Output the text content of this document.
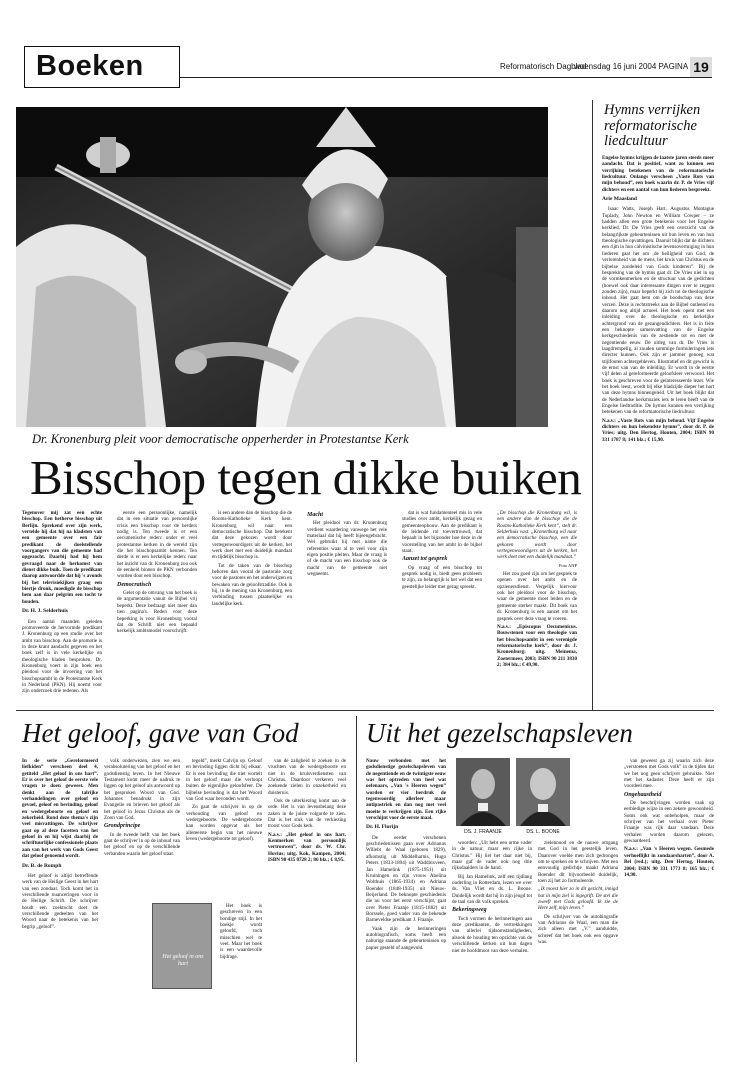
Boeken	Reformatorisch Dagblad
woensdag 16 juni 2004 PAGINA 19
Dr. Kronenburg pleit voor democratische opperherder in Protestantse Kerk
Bisschop tegen dikke buiken

Tegenover mij zat een echte bisschop. Een hetherse bisschop uit Berlijn. Sprekend over zijn werk, vertelde hij dat hij na kladsten van een gemeente over een fair predikant de doelstellende voorgangers van die gemeente had opgezocht. Daarbij had hij hem gevraagd naar de herkomst van dienst dikke buik. Toen de predikant daarop antwoordde dat hij 's avonds bij het televisiekijken graag een biertje dronk, moedigde de bisschop hem aan daar pelgrim een tocht te houden.

Dr. H. J. Selderhuis

Een aantal maanden geleden promoveerde de hervormde predikant J. Kronenburg op een studie over het ambt van bisschop. Aan de promotie is in deze krant aandacht gegeven en het boek zelf is in vele kerkelijke en theologische bladen besproken. Dr. Kronenburg voert in zijn boek een pleidooi voor de invoering van het bisschopsambt in de Protestantse Kerk in Nederland (PKN). Hij noemt voor zijn onderzoek drie redenen. Als

eerste een persoonlijke, namelijk dat in een situatie van persoonlijke crisis een bisschop voor de herders nodig is. Ten tweede is er een oecumenische reden: onder er veel protestantse kerken in de wereld zijn die het bisschopsambt kennen. Ten derde is er een kerkelijke reden: naar het inzicht van dr. Kronenburg zou ook de eenheid binnen de PKN verbonden worden door een bisschop.

Democratisch

Gelet op de omvang van het boek is de argumentatie vanuit de Bijbel vrij beperkt. Deze bedraagt niet meer dan tien pagina's. Reden voor deze beperking is voor Kronenburg vooral dat de Schrift niet een bepaald kerkelijk ambtsmodel voorschrijft.

is een andere dan de bisschop die de Rooms-Katholieke Kerk kent. Kronenburg wil naar een democratische bisschop. Dat betekent dat deze gekozen wordt door vertegenwoordigers uit de kerken, het werk doet met een duidelijk mandaat en tijdelijk bisschop is.

Tot de taken van de bisschop behoren dan vooral de pastorale zorg voor de pastores en het onderwijzen en bewaken van de geloofstraditie. Ook is hij, in de mening van Kronenburg, een verbinding tussen plaatselijke en landelijke kerk.

Macht

Het pleidooi van dr. Kronenburg verdient waardering vanwege het vele materiaal dat hij heeft bijeengebracht. Wel gebruikt hij met name die referenties waar al te veel voor zijn eigen positie pleiten. Maar de vraag is of de macht van een bisschop ook de macht van de gemeente niet wegneemt.

dat is wat fundamenteel mis in vele studies over ambt, kerkelijk gezag en gemeenteopbouw. Aan de predikant is de leidende rol toevertrouwd, dat bepaalt in het bijzonder hoe deze in de voorstelling van het ambt in de bijbel staat.

Aanzet tot gesprek

Op vraag of een bisschop tot gesprek nodig is, biedt geen probleem te zijn, zo belangrijk is het wel dat een geestelijke leider met gezag spreekt.

„De bisschop die Kronenburg wil, is een andere dan de bisschop die de Rooms-Katholieke Kerk kent”, stelt dr. Selderhuis vast. „Kronenburg wil naar een democratische bisschop, een die gekozen wordt door vertegenwoordigers uit de kerken, het werk doet met een duidelijk mandaat.”

Foto ANP

Het zou goed zijn om het gesprek te openen over het ambt en de opzienersdienst. Vergelijk hiervoor ook het pleidooi voor de bisschop, waar de gemeente moet leiden en de gemeente sterker maakt. Dit boek van dr. Kronenburg is een aanzet om het gesprek over deze vraag te voeren.

N.a.v.: „Episcopus Oecumenicus. Bouwstenen voor een theologie van het bisschopsambt in een verenigde reformatorische kerk”, door dr. J. Kronenburg; uitg. Meinema, Zoetermeer, 2003; ISBN 90 211 3830 2; 384 blz.; € 49,90.

Hymns verrijken reformatorische liedcultuur

Engelse hymns krijgen de laatste jaren steeds meer aandacht. Dat is positief, want zo kunnen een verrijking betekenen van de reformatorische liedcultuur. Onlangs verscheen „Vaste Rots van mijn behoud”, een boek waarin dr. P. de Vries vijf dichters en een aantal van hun liederen bespreekt.

Arie Maasland

Isaac Watts, Joseph Hart, Augustus Montague Toplady, John Newton en William Cowper – ze hadden allen een grote betekenis voor het Engelse kerklied. Dr. De Vries geeft een overzicht van de belangrijkste gebeurtenissen uit hun leven en van hun theologische opvattingen. Daaruit blijkt dat de dichters een rijm in hun calvinistische levensovertuiging in hun liederen gaat het om ‚de heiligheid van God, de verlorenheid van de mens, het kruis van Christus en de bijbelse zondeleid van Gods kinderen”. Bij de bespreking van de hymns gaat dr. De Vries niet in op de vormkenmerken en de structuur van de gedichten (hoewel ook daar interessante dingen over te zeggen zouden zijn), maar beperkt hij zich tot de theologische inhoud. Het gaat hem om de boodschap van deze verzen. Deze is rechtstreeks aan de Bijbel ontleend en daarom nog altijd actueel. Het boek opent met een inleiding over de theologische en kerkelijke achtergrond van de gezangendichters. Het is in feite een beknopte samenvatting van de Engelse kerkgeschiedenis van de zestiende tot en met de negentiende eeuw. De uitleg van dr. De Vries is laagdrempelig, al zouden sommige formuleringen iets directer kunnen. Ook zijn er jammer genoeg wat stijlfouten achtergebleven. Illustratief en dit gewicht is de ernst van van de inleiding. Er wordt in de eerste vijf delen al gereformeerde geloofsleer verwoord. Het boek is geschreven voor de geïnteresseerde lezer. Wie het boek leest, wordt bij elke bladzijde dieper het hart van deze hymns binnengeleid. Uit het boek blijkt dat de Nederlandse kerkmuziek iets te leren heeft van de Engelse liedtraditie. De hymns kunnen een verrijking betekenen van de reformatorische liedcultuur.

N.a.v.: „Vaste Rots van mijn behoud. Vijf Engelse dichters en hun bekendste hymns”, door dr. P. de Vries; uitg. Den Hertog, Houten, 2004; ISBN 90 331 1787 8; 141 blz.; € 15,90.

Het geloof, gave van God

In de serie „Gereformeerd liefkiden” verscheen deel 4, getiteld „Het geloof in ons hart”. Er is over het geloof de eerste vele vragen te doen geweest. Men denkt aan de talrijke verhandelingen over geloof en gevoel, geloof en bevinding, geloof en wedergeboorte en geloof en zekerheid. Rond deze thema's zijn veel misvattingen. De schrijver gaat op al deze facetten van het geloof in en hij wijst daarbij de schriftuurlijke confessionele plaats aan van het werk van Gods Geest dat geloof genoemd wordt.

Dr. B. de Romph

Het geloof is altijd betreffende werk van de Heilige Geest in het hart van een zondaar. Toch komt het in verschillende nuanceringen voor in de Heilige Schrift. De schrijver houdt een zoektocht doet de verschillende gedeelten van het Woord naar de betekenis van het begrip „geloof”.

volk onderwezen, zien we een verabsolutering van het geloof en het godsdienstig leven. In het Nieuwe Testament komt meer de nadruk te liggen op het geloof als antwoord op het gesproken Woord van God. Johannes benadrukt in zijn Evangelie en brieven het geloof als het geloof in Jezus Christus als de Zoon van God.

Grondprincipe

In de tweede helft van het boek gaat de schrijver in op de inhoud van het geloof en op de verschillende verbanden waarin het geloof staat.

tegeld”, merkt Calvijn op. Geloof en bevinding liggen dicht bij elkaar. Er is een bevinding die niet wortelt in het geloof maar die verloopt buiten de eigenlijke geloofsfeer. De bijbelse bevinding is dat het Woord van God waar bevonden wordt.

Zo gaat de schrijver in op de verhouding van geloof en wedergeboorte. De wedergeboorte kan worden opgevat als het allereerste begin van het nieuwe leven (wedergeboorte tot geloof).

Het geloof in ons hart

Het boek is geschreven in een bondige stijl. In het boekje wordt geloofd, toch misschien wel te veel. Maar het boek is een waardevolle bijdrage.

van de zaligheid te zoeken in de vruchten van de wedergeboorte en niet in de kruisverdiensten van Christus. Daardoor verkeren veel zoekende zielen in onzekerheid en duisternis.

Ook de uiterkiezing komt aan de orde. Het is van levensbelang deze zaken in de juiste volgorde te zien. Dat is het stuk van de verkiezing troost voor Gods kerk.

N.a.v.: „Het geloof in ons hart. Kenmerken van persoonlijk vertrouwen”, door ds. W. Chr. Hovius; uitg. Kok, Kampen, 2004; ISBN 90 435 0728 2; 86 blz.; € 8,95.

Uit het gezelschapsleven

Nauw verbonden met het godsdienstige gezelschapsleven van de negentiende en de twintigste eeuw was het optreden van heel wat oefenaars, „Van 's Heeren wegen” worden er vier herdruk de tegenwoordig allerleer maar antipastriek en dan nog met veel moeite te verkrijgen zijn. Een rijke verschijnt voor de eerste maal.

Dr. H. Florijn

De eerder verschenen geschriedenissen gaan over Adrianus Willebt de Waal (geboren 1829), afkomstig uit Middelharnis, Hugo Peters (1833-1894) uit Waddinxveen, Jan Hamelink (1875-1951) uit Kruiningen en zijn vrouw Abelina Wolthuis (1865-1934) en Adriana Boender (1848-1935) uit Nieuw-Beijerland. De beknopte geschiedenis die nu voor het eerst verschijnt, gaat over Pieter Fraanje (1815-1882) uit Borssele, goed vader van de bekende Barneveldse predikant J. Fraanje.

Vaak zijn de herinneringen autobiografisch, soms heeft een naburige staande de gebeurtenissen op papier gesteld of aangevuld.

DS. J. FRAANJE	DS. L. BOONE

woorden: „Uit hebt een arme vader in de natuur, maar een rijke in Christus.” Hij liet het daar niet bij, maar gaf de vader ook nog drie rijksdaalders in de hand.

Bij Jan Hamelink, zelf een tijdlang ouderling in Rotterdam, lezen we over ds. Van Vliet en ds. L. Boone. Duidelijk wordt dat hij in zijn jeugd tot de taal van dit volk spreken.

Bekeringsweg

Toch vormen de herinneringen aan deze predikanten, de vertrekkingen van allerlei tijdsomstandigheden, alsook de houding ten opzichte van de verschillende kerken uit hun dagen niet de hoofdmoot van deze verhalen.

zielennood en de nauwe omgang met God in het geestelijk leven. Daarover voelde men zich gedrongen om te spreken en te schrijven. Met een eenvoudig gedichtje maakt Adriana Boender dit bijvoorbeeld duidelijk, toen zij het zo formuleerde.

„Ik moest hier zo in dit gezicht, innigd hat in mijn ziel is ingegrift. De stel die zweeft met Gods geloofd. Ik zie de Here zelf, mijn leven.”

De schrijver van de autobiografie van Adrianus de Waal, een man die zich alleen met „V.” aanduidde, schreef dat het boek ook een opgave was.

van geweest ga zij waarin zich deze „verstoeten met Gods volk” in de tijden dat we het nog geen schrijver gebruikte. Niet met het kadaster. Deze heeft er zijn voordeel mee.

Ongehaastheid

De beschrijvingen worden vaak op eerbiedige wijze in een zekere gewoonheid. Soms ook wat onbeholpen, maar de schrijver van het verhaal over Pieter Fraanje was rijk daar vandaan. Deze verhalen worden daarom gelezen, gewaardeerd.

N.a.v.: „Van 's Heeren wegen. Gesmede verhoeflijkt in zondaarsharten”, door A. Bel (red.); uitg. Den Hertog, Houten, 2004; ISBN 90 331 1773 8; 165 blz.; € 14,90.
